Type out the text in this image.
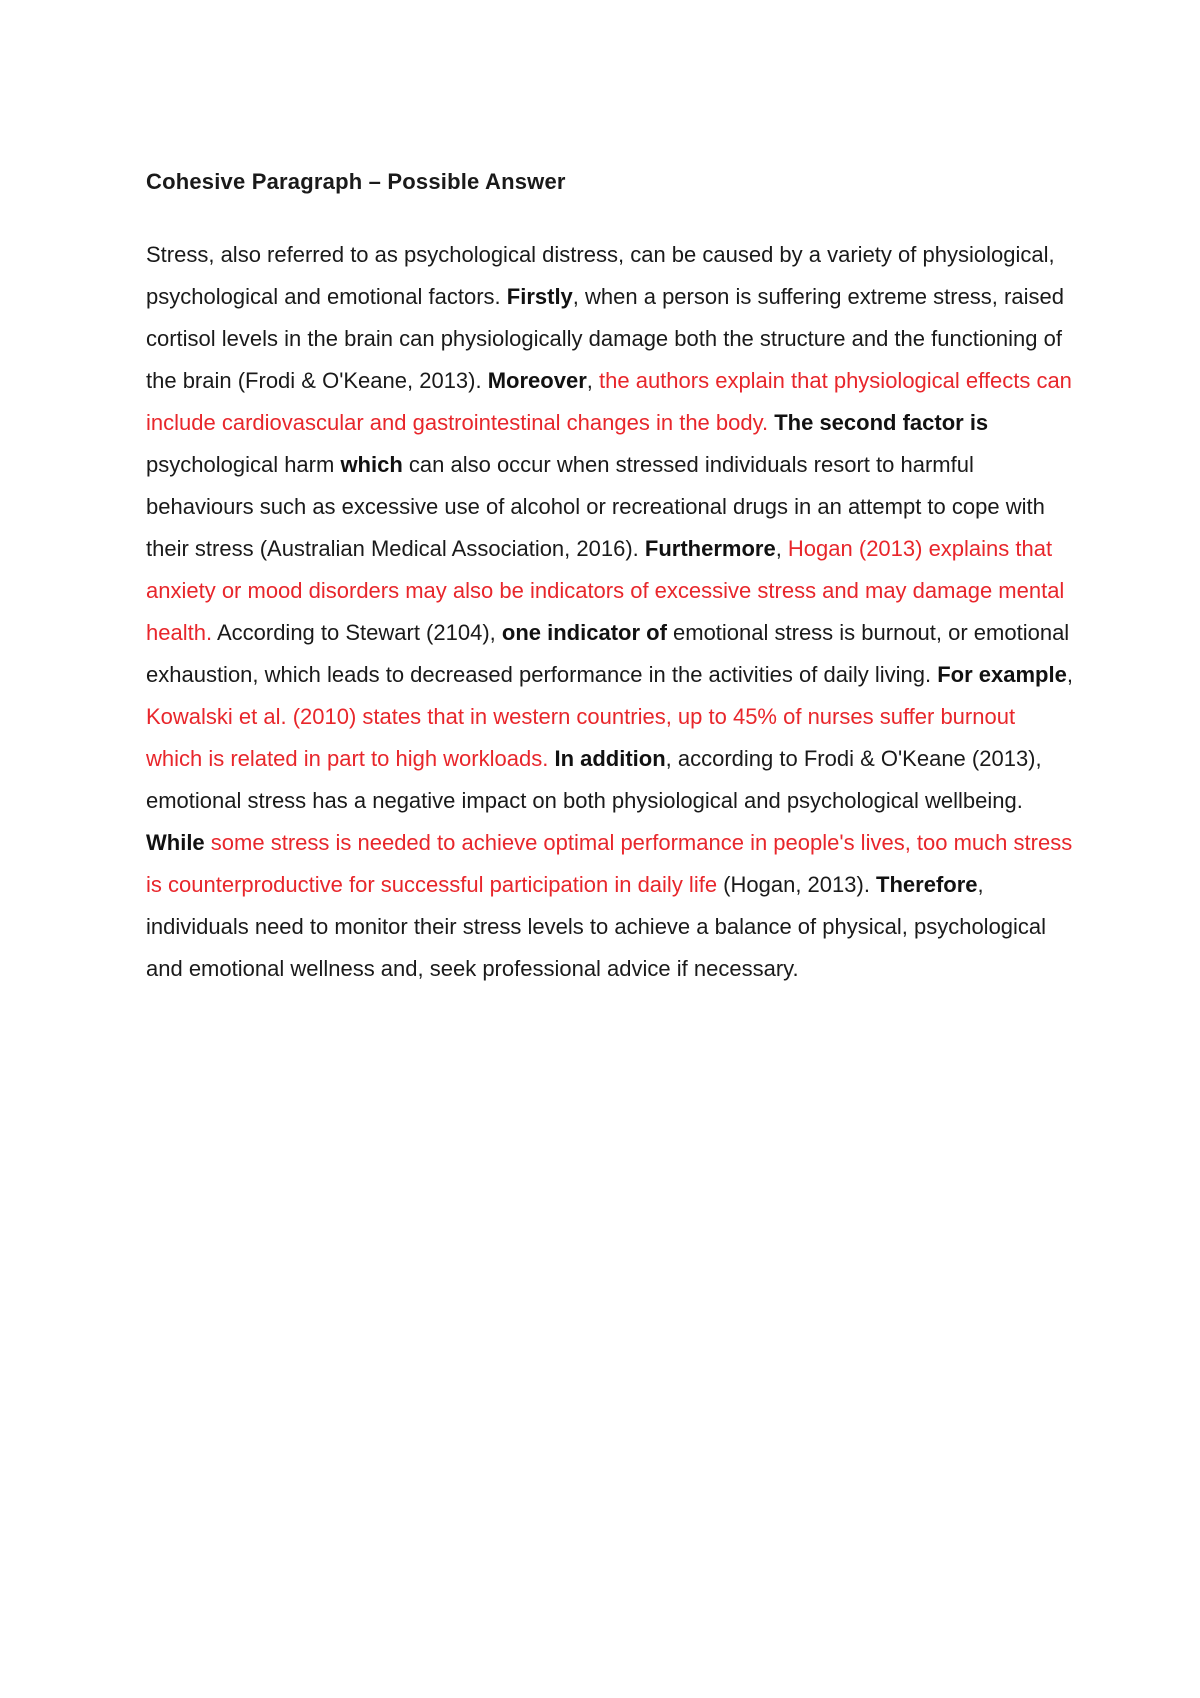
Cohesive Paragraph – Possible Answer

Stress, also referred to as psychological distress, can be caused by a variety of physiological, psychological and emotional factors. Firstly, when a person is suffering extreme stress, raised cortisol levels in the brain can physiologically damage both the structure and the functioning of the brain (Frodi & O'Keane, 2013). Moreover, the authors explain that physiological effects can include cardiovascular and gastrointestinal changes in the body. The second factor is psychological harm which can also occur when stressed individuals resort to harmful behaviours such as excessive use of alcohol or recreational drugs in an attempt to cope with their stress (Australian Medical Association, 2016). Furthermore, Hogan (2013) explains that anxiety or mood disorders may also be indicators of excessive stress and may damage mental health. According to Stewart (2104), one indicator of emotional stress is burnout, or emotional exhaustion, which leads to decreased performance in the activities of daily living. For example, Kowalski et al. (2010) states that in western countries, up to 45% of nurses suffer burnout which is related in part to high workloads. In addition, according to Frodi & O'Keane (2013), emotional stress has a negative impact on both physiological and psychological wellbeing. While some stress is needed to achieve optimal performance in people's lives, too much stress is counterproductive for successful participation in daily life (Hogan, 2013). Therefore, individuals need to monitor their stress levels to achieve a balance of physical, psychological and emotional wellness and, seek professional advice if necessary.
